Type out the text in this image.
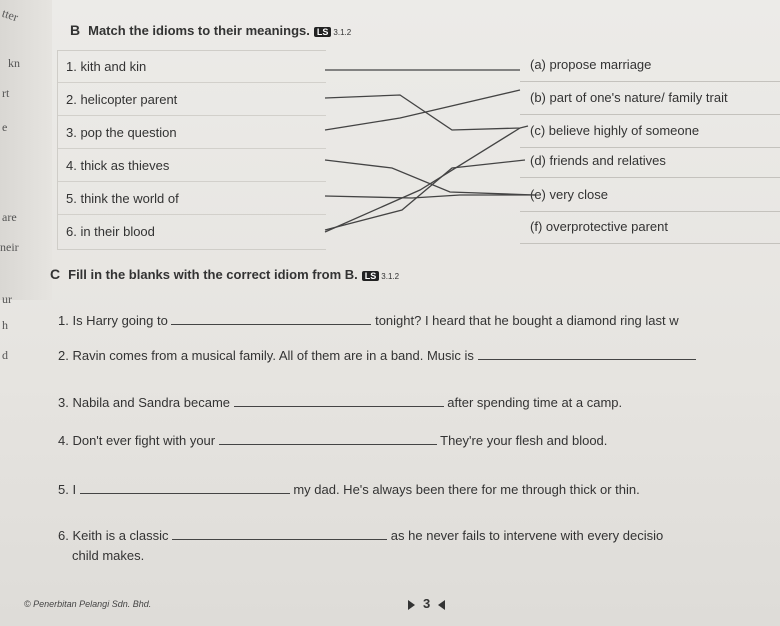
tter
kn
rt
e
are
neir
ur
h
d
B Match the idioms to their meanings. LS 3.1.2
1. kith and kin
2. helicopter parent
3. pop the question
4. thick as thieves
5. think the world of
6. in their blood
(a) propose marriage
(b) part of one's nature/ family trait
(c) believe highly of someone
(d) friends and relatives
(e) very close
(f) overprotective parent
C Fill in the blanks with the correct idiom from B. LS 3.1.2
1. Is Harry going to	tonight? I heard that he bought a diamond ring last w
2. Ravin comes from a musical family. All of them are in a band. Music is
3. Nabila and Sandra became	after spending time at a camp.
4. Don't ever fight with your	They're your flesh and blood.
5. I	my dad. He's always been there for me through thick or thin.
6. Keith is a classic	as he never fails to intervene with every decisio
child makes.
© Penerbitan Pelangi Sdn. Bhd.	3
